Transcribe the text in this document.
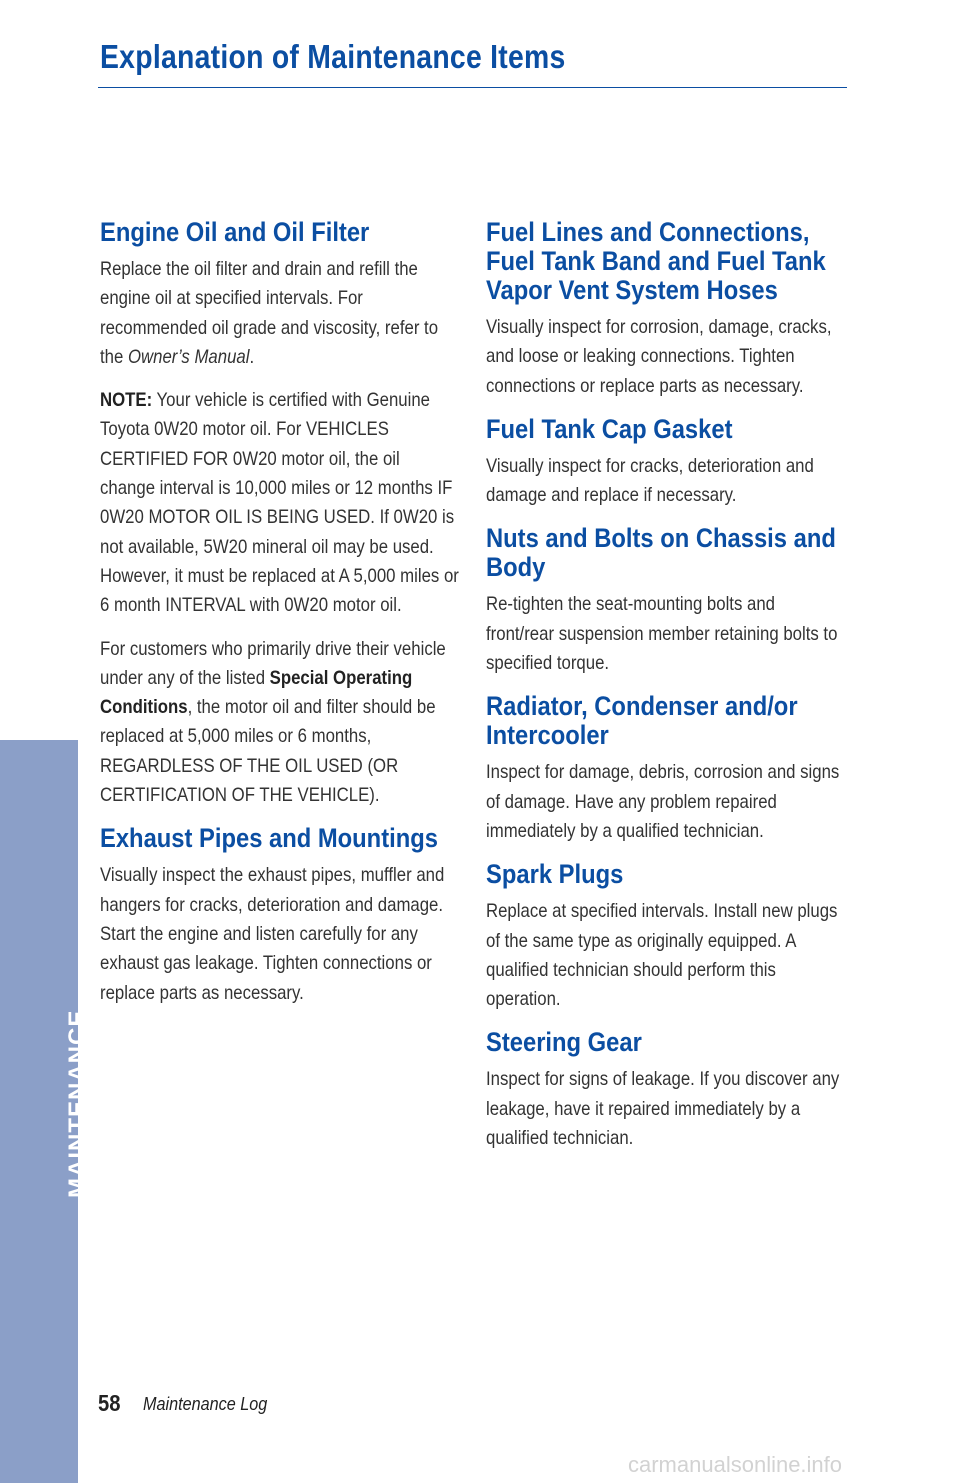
Explanation of Maintenance Items
MAINTENANCE
Engine Oil and Oil Filter

Replace the oil filter and drain and refill the engine oil at specified intervals. For recommended oil grade and viscosity, refer to the Owner’s Manual.

NOTE: Your vehicle is certified with Genuine Toyota 0W20 motor oil. For VEHICLES CERTIFIED FOR 0W20 motor oil, the oil change interval is 10,000 miles or 12 months IF 0W20 MOTOR OIL IS BEING USED. If 0W20 is not available, 5W20 mineral oil may be used. However, it must be replaced at A 5,000 miles or 6 month INTERVAL with 0W20 motor oil.

For customers who primarily drive their vehicle under any of the listed Special Operating Conditions, the motor oil and filter should be replaced at 5,000 miles or 6 months, REGARDLESS OF THE OIL USED (OR CERTIFICATION OF THE VEHICLE).

Exhaust Pipes and Mountings

Visually inspect the exhaust pipes, muffler and hangers for cracks, deterioration and damage. Start the engine and listen carefully for any exhaust gas leakage. Tighten connections or replace parts as necessary.

Fuel Lines and Connections, Fuel Tank Band and Fuel Tank Vapor Vent System Hoses

Visually inspect for corrosion, damage, cracks, and loose or leaking connections. Tighten connections or replace parts as necessary.

Fuel Tank Cap Gasket

Visually inspect for cracks, deterioration and damage and replace if necessary.

Nuts and Bolts on Chassis and Body

Re-tighten the seat-mounting bolts and front/rear suspension member retaining bolts to specified torque.

Radiator, Condenser and/or Intercooler

Inspect for damage, debris, corrosion and signs of damage. Have any problem repaired immediately by a qualified technician.

Spark Plugs

Replace at specified intervals. Install new plugs of the same type as originally equipped. A qualified technician should perform this operation.

Steering Gear

Inspect for signs of leakage. If you discover any leakage, have it repaired immediately by a qualified technician.

58 Maintenance Log
carmanualsonline.info
